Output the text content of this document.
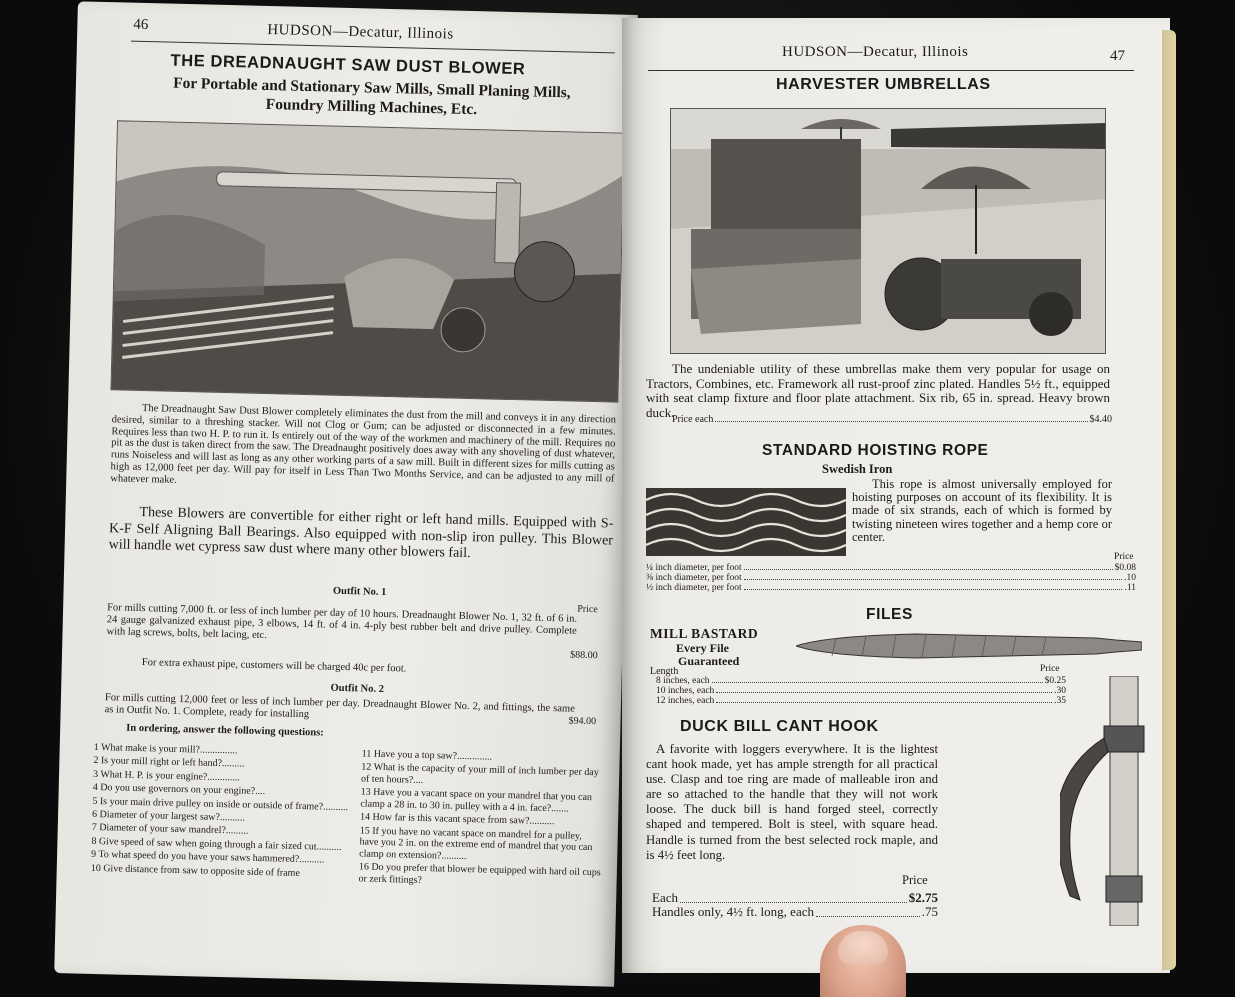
46	HUDSON—Decatur, Illinois
THE DREADNAUGHT SAW DUST BLOWER
For Portable and Stationary Saw Mills, Small Planing Mills,
Foundry Milling Machines, Etc.
The Dreadnaught Saw Dust Blower completely eliminates the dust from the mill and conveys it in any direction desired, similar to a threshing stacker. Will not Clog or Gum; can be adjusted or disconnected in a few minutes. Requires less than two H. P. to run it. Is entirely out of the way of the workmen and machinery of the mill. Requires no pit as the dust is taken direct from the saw. The Dreadnaught positively does away with any shoveling of dust whatever, runs Noiseless and will last as long as any other working parts of a saw mill. Built in different sizes for mills cutting as high as 12,000 feet per day. Will pay for itself in Less Than Two Months Service, and can be adjusted to any mill of whatever make.
These Blowers are convertible for either right or left hand mills. Equipped with S-K-F Self Aligning Ball Bearings. Also equipped with non-slip iron pulley. This Blower will handle wet cypress saw dust where many other blowers fail.
Outfit No. 1
Price
For mills cutting 7,000 ft. or less of inch lumber per day of 10 hours. Dreadnaught Blower No. 1, 32 ft. of 6 in. 24 gauge galvanized exhaust pipe, 3 elbows, 14 ft. of 4 in. 4-ply best rubber belt and drive pulley. Complete with lag screws, bolts, belt lacing, etc.
$88.00
For extra exhaust pipe, customers will be charged 40c per foot.
Outfit No. 2
For mills cutting 12,000 feet or less of inch lumber per day. Dreadnaught Blower No. 2, and fittings, the same as in Outfit No. 1. Complete, ready for installing
$94.00
In ordering, answer the following questions:
1 What make is your mill?...............
2 Is your mill right or left hand?.........
3 What H. P. is your engine?.............
4 Do you use governors on your engine?....
5 Is your main drive pulley on inside or outside of frame?..........
6 Diameter of your largest saw?..........
7 Diameter of your saw mandrel?.........
8 Give speed of saw when going through a fair sized cut..........
9 To what speed do you have your saws hammered?..........
10 Give distance from saw to opposite side of frame
11 Have you a top saw?..............
12 What is the capacity of your mill of inch lumber per day of ten hours?....
13 Have you a vacant space on your mandrel that you can clamp a 28 in. to 30 in. pulley with a 4 in. face?.......
14 How far is this vacant space from saw?..........
15 If you have no vacant space on mandrel for a pulley, have you 2 in. on the extreme end of mandrel that you can clamp on extension?..........
16 Do you prefer that blower be equipped with hard oil cups or zerk fittings?
HUDSON—Decatur, Illinois	47
HARVESTER UMBRELLAS
The undeniable utility of these umbrellas make them very popular for usage on Tractors, Combines, etc. Framework all rust-proof zinc plated. Handles 5½ ft., equipped with seat clamp fixture and floor plate attachment. Six rib, 65 in. spread. Heavy brown duck.
Price each	$4.40
STANDARD HOISTING ROPE
Swedish Iron
This rope is almost universally employed for hoisting purposes on account of its flexibility. It is made of six strands, each of which is formed by twisting nineteen wires together and a hemp core or center.
Price
¼ inch diameter, per foot	$0.08
⅜ inch diameter, per foot	.10
½ inch diameter, per foot	.11
FILES
MILL BASTARD
Every File
Guaranteed
Length	Price
8 inches, each	$0.25
10 inches, each	.30
12 inches, each	.35
DUCK BILL CANT HOOK
A favorite with loggers everywhere. It is the lightest cant hook made, yet has ample strength for all practical use. Clasp and toe ring are made of malleable iron and are so attached to the handle that they will not work loose. The duck bill is hand forged steel, correctly shaped and tempered. Bolt is steel, with square head. Handle is turned from the best selected rock maple, and is 4½ feet long.
Price
Each	$2.75
Handles only, 4½ ft. long, each	.75
